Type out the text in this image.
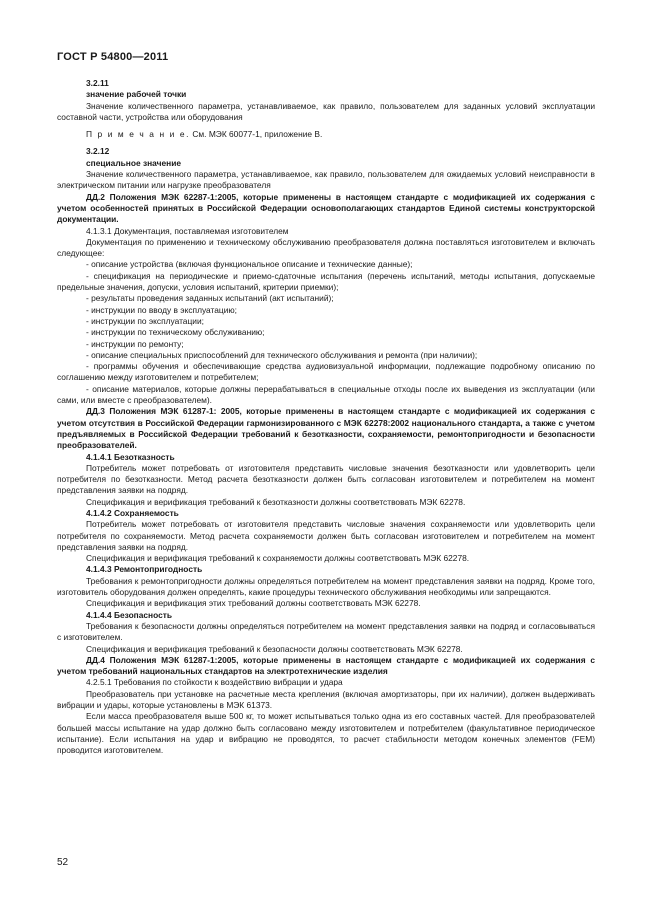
ГОСТ Р 54800—2011

3.2.11

значение рабочей точки

Значение количественного параметра, устанавливаемое, как правило, пользователем для заданных условий эксплуатации составной части, устройства или оборудования

П р и м е ч а н и е. См. МЭК 60077-1, приложение В.

3.2.12

специальное значение

Значение количественного параметра, устанавливаемое, как правило, пользователем для ожидаемых условий неисправности в электрическом питании или нагрузке преобразователя

ДД.2 Положения МЭК 62287-1:2005, которые применены в настоящем стандарте с модификацией их содержания с учетом особенностей принятых в Российской Федерации основополагающих стандартов Единой системы конструкторской документации.

4.1.3.1 Документация, поставляемая изготовителем

Документация по применению и техническому обслуживанию преобразователя должна поставляться изготовителем и включать следующее:

- описание устройства (включая функциональное описание и технические данные);

- спецификация на периодические и приемо-сдаточные испытания (перечень испытаний, методы испытания, допускаемые предельные значения, допуски, условия испытаний, критерии приемки);

- результаты проведения заданных испытаний (акт испытаний);

- инструкции по вводу в эксплуатацию;

- инструкции по эксплуатации;

- инструкции по техническому обслуживанию;

- инструкции по ремонту;

- описание специальных приспособлений для технического обслуживания и ремонта (при наличии);

- программы обучения и обеспечивающие средства аудиовизуальной информации, подлежащие подробному описанию по соглашению между изготовителем и потребителем;

- описание материалов, которые должны перерабатываться в специальные отходы после их выведения из эксплуатации (или сами, или вместе с преобразователем).

ДД.3 Положения МЭК 61287-1: 2005, которые применены в настоящем стандарте с модификацией их содержания с учетом отсутствия в Российской Федерации гармонизированного с МЭК 62278:2002 национального стандарта, а также с учетом предъявляемых в Российской Федерации требований к безотказности, сохраняемости, ремонтопригодности и безопасности преобразователей.

4.1.4.1 Безотказность

Потребитель может потребовать от изготовителя представить числовые значения безотказности или удовлетворить цели потребителя по безотказности. Метод расчета безотказности должен быть согласован изготовителем и потребителем на момент представления заявки на подряд.

Спецификация и верификация требований к безотказности должны соответствовать МЭК 62278.

4.1.4.2 Сохраняемость

Потребитель может потребовать от изготовителя представить числовые значения сохраняемости или удовлетворить цели потребителя по сохраняемости. Метод расчета сохраняемости должен быть согласован изготовителем и потребителем на момент представления заявки на подряд.

Спецификация и верификация требований к сохраняемости должны соответствовать МЭК 62278.

4.1.4.3 Ремонтопригодность

Требования к ремонтопригодности должны определяться потребителем на момент представления заявки на подряд. Кроме того, изготовитель оборудования должен определять, какие процедуры технического обслуживания необходимы или запрещаются.

Спецификация и верификация этих требований должны соответствовать МЭК 62278.

4.1.4.4 Безопасность

Требования к безопасности должны определяться потребителем на момент представления заявки на подряд и согласовываться с изготовителем.

Спецификация и верификация требований к безопасности должны соответствовать МЭК 62278.

ДД.4 Положения МЭК 61287-1:2005, которые применены в настоящем стандарте с модификацией их содержания с учетом требований национальных стандартов на электротехнические изделия

4.2.5.1 Требования по стойкости к воздействию вибрации и удара

Преобразователь при установке на расчетные места крепления (включая амортизаторы, при их наличии), должен выдерживать вибрации и удары, которые установлены в МЭК 61373.

Если масса преобразователя выше 500 кг, то может испытываться только одна из его составных частей. Для преобразователей большей массы испытание на удар должно быть согласовано между изготовителем и потребителем (факультативное периодическое испытание). Если испытания на удар и вибрацию не проводятся, то расчет стабильности методом конечных элементов (FEM) проводится изготовителем.

52
